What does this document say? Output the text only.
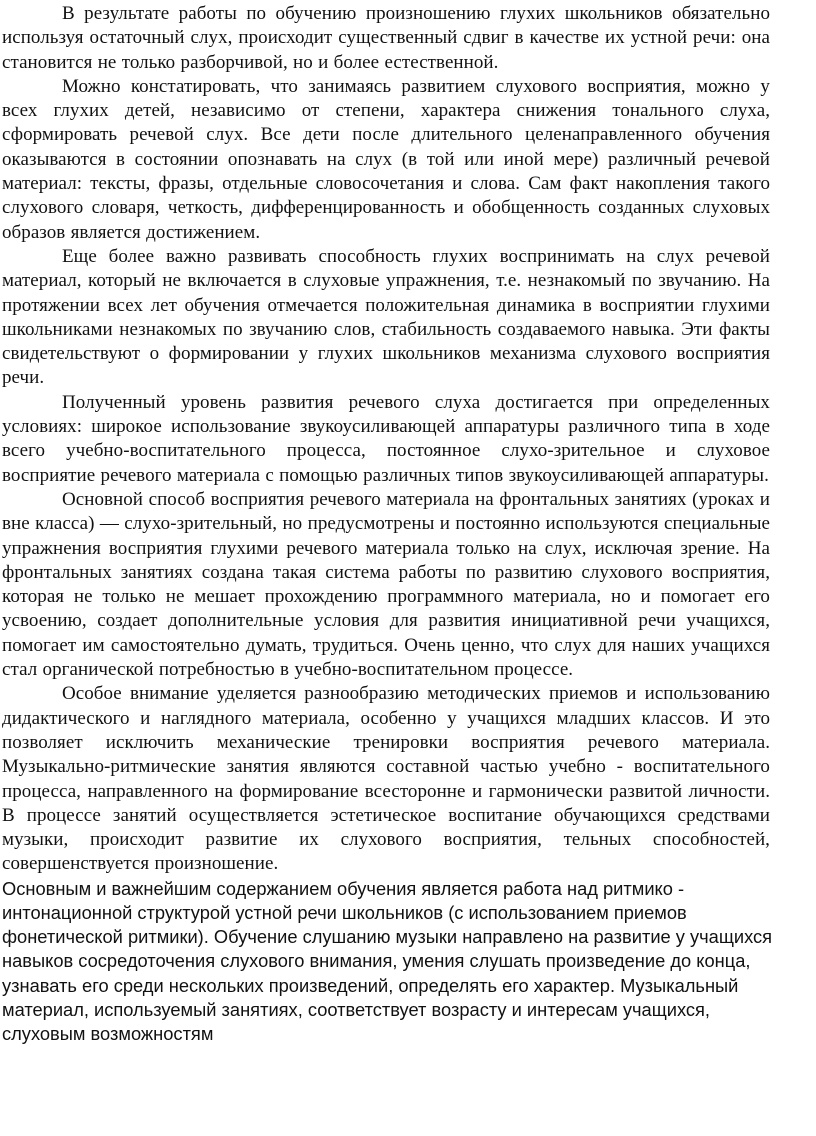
В результате работы по обучению произношению глухих школьников обязательно используя остаточный слух, происходит существенный сдвиг в качестве их устной речи: она становится не только разборчивой, но и более естественной.

Можно констатировать, что занимаясь развитием слухового восприятия, можно у всех глухих детей, независимо от степени, характера снижения тонального слуха, сформировать речевой слух. Все дети после длительного целенаправленного обучения оказываются в состоянии опознавать на слух (в той или иной мере) различный речевой материал: тексты, фразы, отдельные словосочетания и слова. Сам факт накопления такого слухового словаря, четкость, дифференцированность и обобщенность созданных слуховых образов является достижением.

Еще более важно развивать способность глухих воспринимать на слух речевой материал, который не включается в слуховые упражнения, т.е. незнакомый по звучанию. На протяжении всех лет обучения отмечается положительная динамика в восприятии глухими школьниками незнакомых по звучанию слов, стабильность создаваемого навыка. Эти факты свидетельствуют о формировании у глухих школьников механизма слухового восприятия речи.

Полученный уровень развития речевого слуха достигается при определенных условиях: широкое использование звукоусиливающей аппаратуры различного типа в ходе всего учебно-воспитательного процесса, постоянное слухо-зрительное и слуховое восприятие речевого материала с помощью различных типов звукоусиливающей аппаратуры.

Основной способ восприятия речевого материала на фронтальных занятиях (уроках и вне класса) — слухо-зрительный, но предусмотрены и постоянно используются специальные упражнения восприятия глухими речевого материала только на слух, исключая зрение. На фронтальных занятиях создана такая система работы по развитию слухового восприятия, которая не только не мешает прохождению программного материала, но и помогает его усвоению, создает дополнительные условия для развития инициативной речи учащихся, помогает им самостоятельно думать, трудиться. Очень ценно, что слух для наших учащихся стал органической потребностью в учебно-воспитательном процессе.

Особое внимание уделяется разнообразию методических приемов и использованию дидактического и наглядного материала, особенно у учащихся младших классов. И это позволяет исключить механические тренировки восприятия речевого материала. Музыкально-ритмические занятия являются составной частью учебно - воспитательного процесса, направленного на формирование всесторонне и гармонически развитой личности. В процессе занятий осуществляется эстетическое воспитание обучающихся средствами музыки, происходит развитие их слухового восприятия, тельных способностей, совершенствуется произношение.

Основным и важнейшим содержанием обучения является работа над ритмико - интонационной структурой устной речи школьников (с использованием приемов фонетической ритмики). Обучение слушанию музыки направлено на развитие у учащихся навыков сосредоточения слухового внимания, умения слушать произведение до конца, узнавать его среди нескольких произведений, определять его характер. Музыкальный материал, используемый занятиях, соответствует возрасту и интересам учащихся, слуховым возможностям
